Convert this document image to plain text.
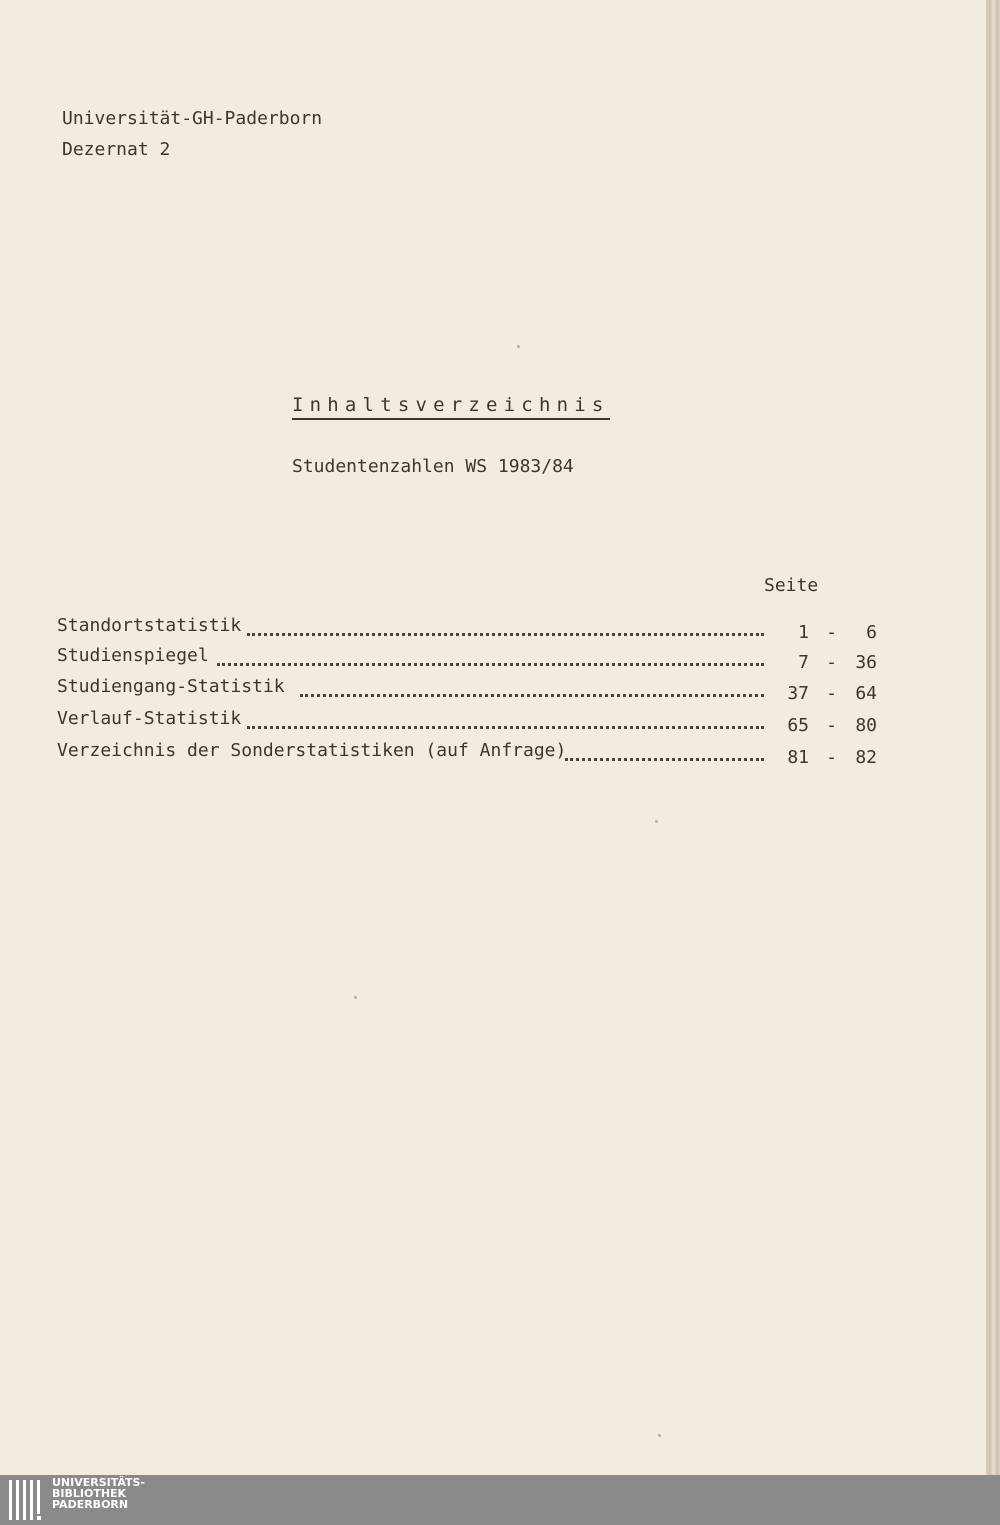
Universität-GH-Paderborn
Dezernat 2
Inhaltsverzeichnis
Studentenzahlen WS 1983/84
Seite
Standortstatistik	1 -	6
Studienspiegel	7 -	36
Studiengang-Statistik	37 -	64
Verlauf-Statistik	65 -	80
Verzeichnis der Sonderstatistiken (auf Anfrage)	81 -	82
UNIVERSITÄTS-
BIBLIOTHEK
PADERBORN
